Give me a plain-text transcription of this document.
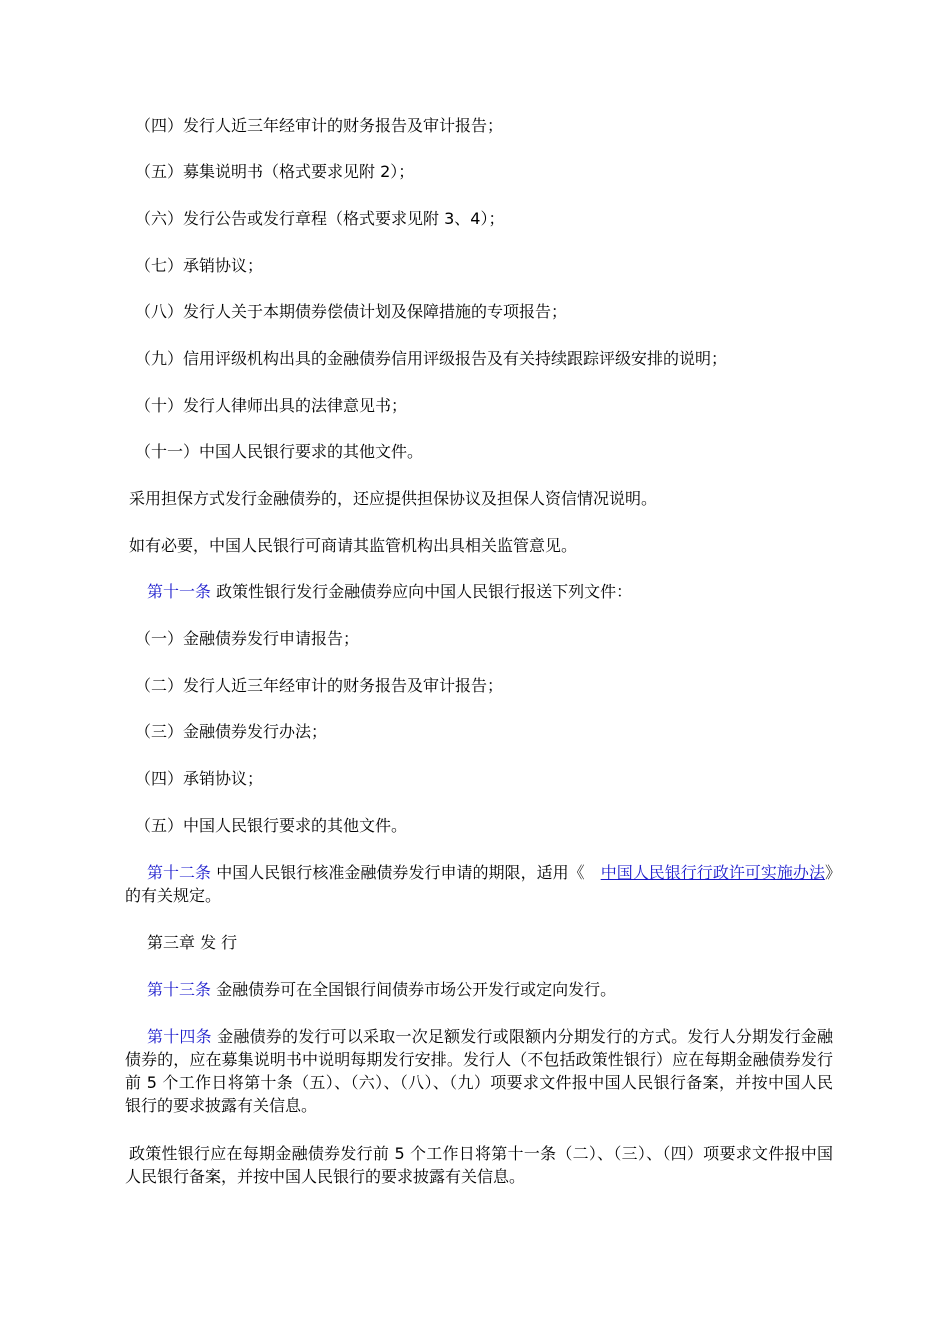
（四）发行人近三年经审计的财务报告及审计报告；
（五）募集说明书（格式要求见附 2）；
（六）发行公告或发行章程（格式要求见附 3、4）；
（七）承销协议；
（八）发行人关于本期债券偿债计划及保障措施的专项报告；
（九）信用评级机构出具的金融债券信用评级报告及有关持续跟踪评级安排的说明；
（十）发行人律师出具的法律意见书；
（十一）中国人民银行要求的其他文件。
采用担保方式发行金融债券的，还应提供担保协议及担保人资信情况说明。
如有必要，中国人民银行可商请其监管机构出具相关监管意见。
第十一条 政策性银行发行金融债券应向中国人民银行报送下列文件：
（一）金融债券发行申请报告；
（二）发行人近三年经审计的财务报告及审计报告；
（三）金融债券发行办法；
（四）承销协议；
（五）中国人民银行要求的其他文件。
第十二条 中国人民银行核准金融债券发行申请的期限，适用《  中国人民银行行政许可实施办法》的有关规定。
第三章 发 行
第十三条 金融债券可在全国银行间债券市场公开发行或定向发行。
第十四条 金融债券的发行可以采取一次足额发行或限额内分期发行的方式。发行人分期发行金融债券的，应在募集说明书中说明每期发行安排。发行人（不包括政策性银行）应在每期金融债券发行前 5 个工作日将第十条（五）、（六）、（八）、（九）项要求文件报中国人民银行备案，并按中国人民银行的要求披露有关信息。
政策性银行应在每期金融债券发行前 5 个工作日将第十一条（二）、（三）、（四）项要求文件报中国人民银行备案，并按中国人民银行的要求披露有关信息。
